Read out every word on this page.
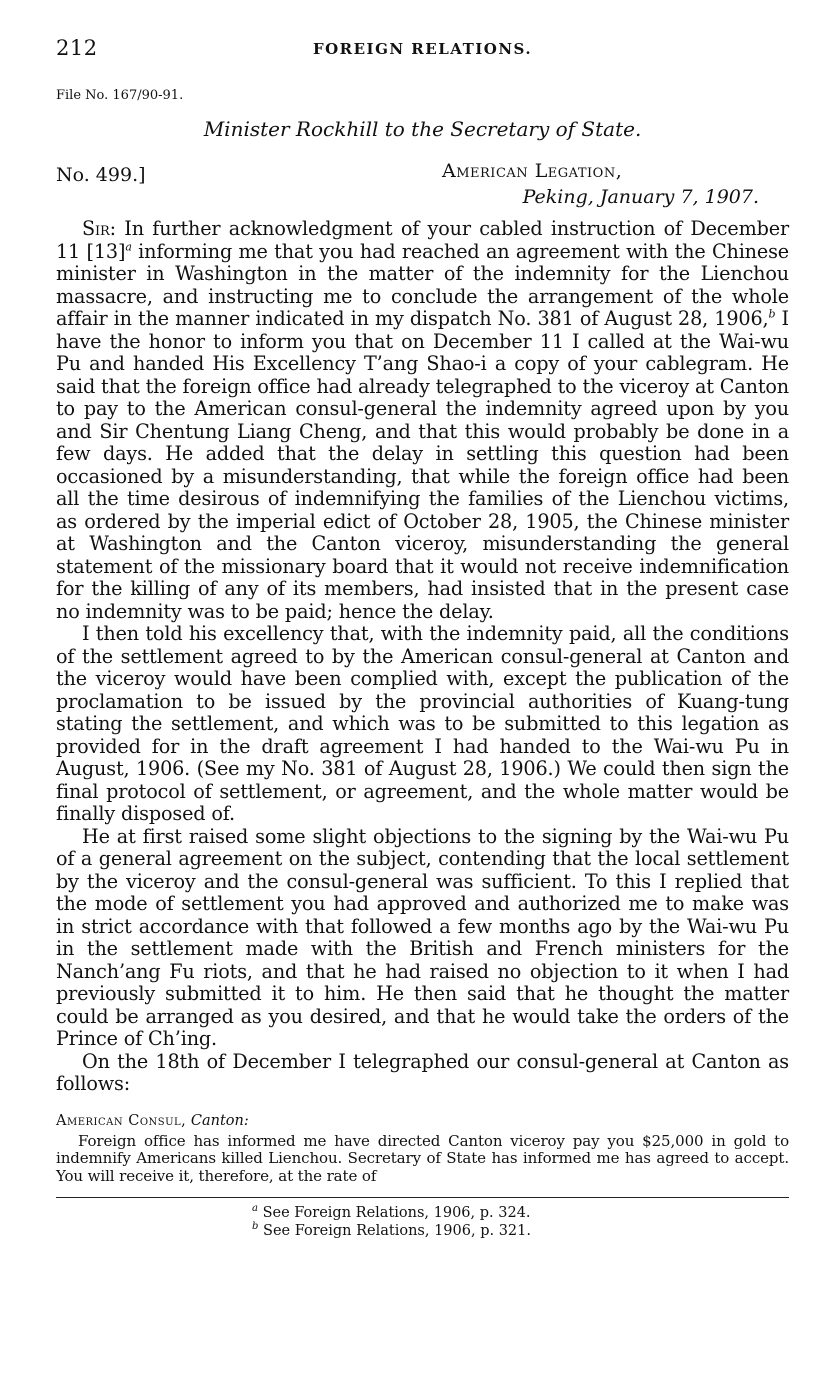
212	FOREIGN RELATIONS.
File No. 167/90-91.
Minister Rockhill to the Secretary of State.
No. 499.]	American Legation,
Peking, January 7, 1907.

Sir: In further acknowledgment of your cabled instruction of December 11 $[13]^a$ informing me that you had reached an agreement with the Chinese minister in Washington in the matter of the indemnity for the Lienchou massacre, and instructing me to conclude the arrangement of the whole affair in the manner indicated in my dispatch No. 381 of August 28, 1906,$^b$ I have the honor to inform you that on December 11 I called at the Wai-wu Pu and handed His Excellency T’ang Shao-i a copy of your cablegram. He said that the foreign office had already telegraphed to the viceroy at Canton to pay to the American consul-general the indemnity agreed upon by you and Sir Chentung Liang Cheng, and that this would probably be done in a few days. He added that the delay in settling this question had been occasioned by a misunderstanding, that while the foreign office had been all the time desirous of indemnifying the families of the Lienchou victims, as ordered by the imperial edict of October 28, 1905, the Chinese minister at Washington and the Canton viceroy, misunderstanding the general statement of the missionary board that it would not receive indemnification for the killing of any of its members, had insisted that in the present case no indemnity was to be paid; hence the delay.

I then told his excellency that, with the indemnity paid, all the conditions of the settlement agreed to by the American consul-general at Canton and the viceroy would have been complied with, except the publication of the proclamation to be issued by the provincial authorities of Kuang-tung stating the settlement, and which was to be submitted to this legation as provided for in the draft agreement I had handed to the Wai-wu Pu in August, 1906. (See my No. 381 of August 28, 1906.) We could then sign the final protocol of settlement, or agreement, and the whole matter would be finally disposed of.

He at first raised some slight objections to the signing by the Wai-wu Pu of a general agreement on the subject, contending that the local settlement by the viceroy and the consul-general was sufficient. To this I replied that the mode of settlement you had approved and authorized me to make was in strict accordance with that followed a few months ago by the Wai-wu Pu in the settlement made with the British and French ministers for the Nanch’ang Fu riots, and that he had raised no objection to it when I had previously submitted it to him. He then said that he thought the matter could be arranged as you desired, and that he would take the orders of the Prince of Ch’ing.

On the 18th of December I telegraphed our consul-general at Canton as follows:

American Consul, Canton:
Foreign office has informed me have directed Canton viceroy pay you $25,000 in gold to indemnify Americans killed Lienchou. Secretary of State has informed me has agreed to accept. You will receive it, therefore, at the rate of
$^a$ See Foreign Relations, 1906, p. 324.
$^b$ See Foreign Relations, 1906, p. 321.
